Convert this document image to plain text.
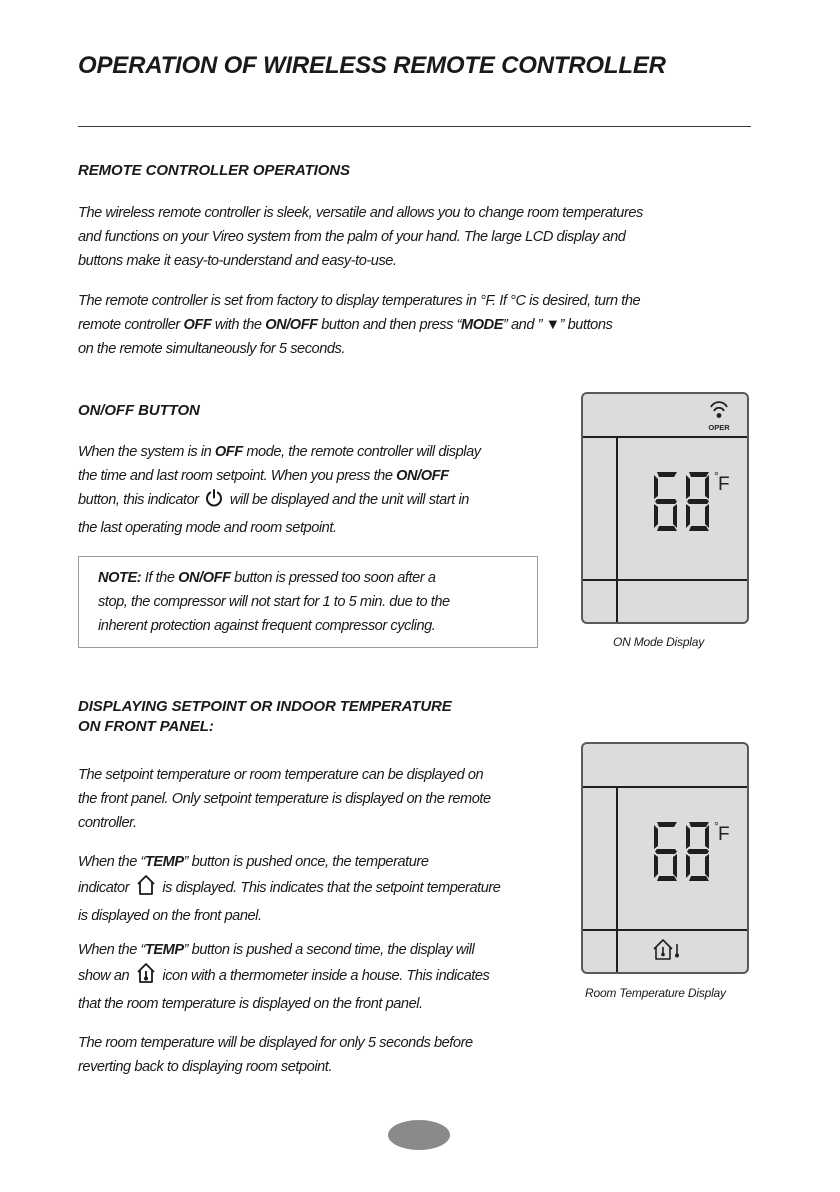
OPERATION OF WIRELESS REMOTE CONTROLLER
REMOTE CONTROLLER OPERATIONS
The wireless remote controller is sleek, versatile and allows you to change room temperatures
and functions on your Vireo system from the palm of your hand. The large LCD display and
buttons make it easy-to-understand and easy-to-use.
The remote controller is set from factory to display temperatures in °F. If °C is desired, turn the
remote controller OFF with the ON/OFF button and then press “MODE” and ” ▼” buttons
on the remote simultaneously for 5 seconds.
ON/OFF BUTTON
When the system is in OFF mode, the remote controller will display
the time and last room setpoint. When you press the ON/OFF
button, this indicator  will be displayed and the unit will start in
the last operating mode and room setpoint.
NOTE: If the ON/OFF button is pressed too soon after a
stop, the compressor will not start for 1 to 5 min. due to the
inherent protection against frequent compressor cycling.
OPER
° F
ON Mode Display
DISPLAYING SETPOINT OR INDOOR TEMPERATURE
ON FRONT PANEL:
The setpoint temperature or room temperature can be displayed on
the front panel. Only setpoint temperature is displayed on the remote
controller.
When the “TEMP” button is pushed once, the temperature
indicator  is displayed. This indicates that the setpoint temperature
is displayed on the front panel.
When the “TEMP” button is pushed a second time, the display will
show an  icon with a thermometer inside a house. This indicates
that the room temperature is displayed on the front panel.
The room temperature will be displayed for only 5 seconds before
reverting back to displaying room setpoint.
° F
Room Temperature Display
